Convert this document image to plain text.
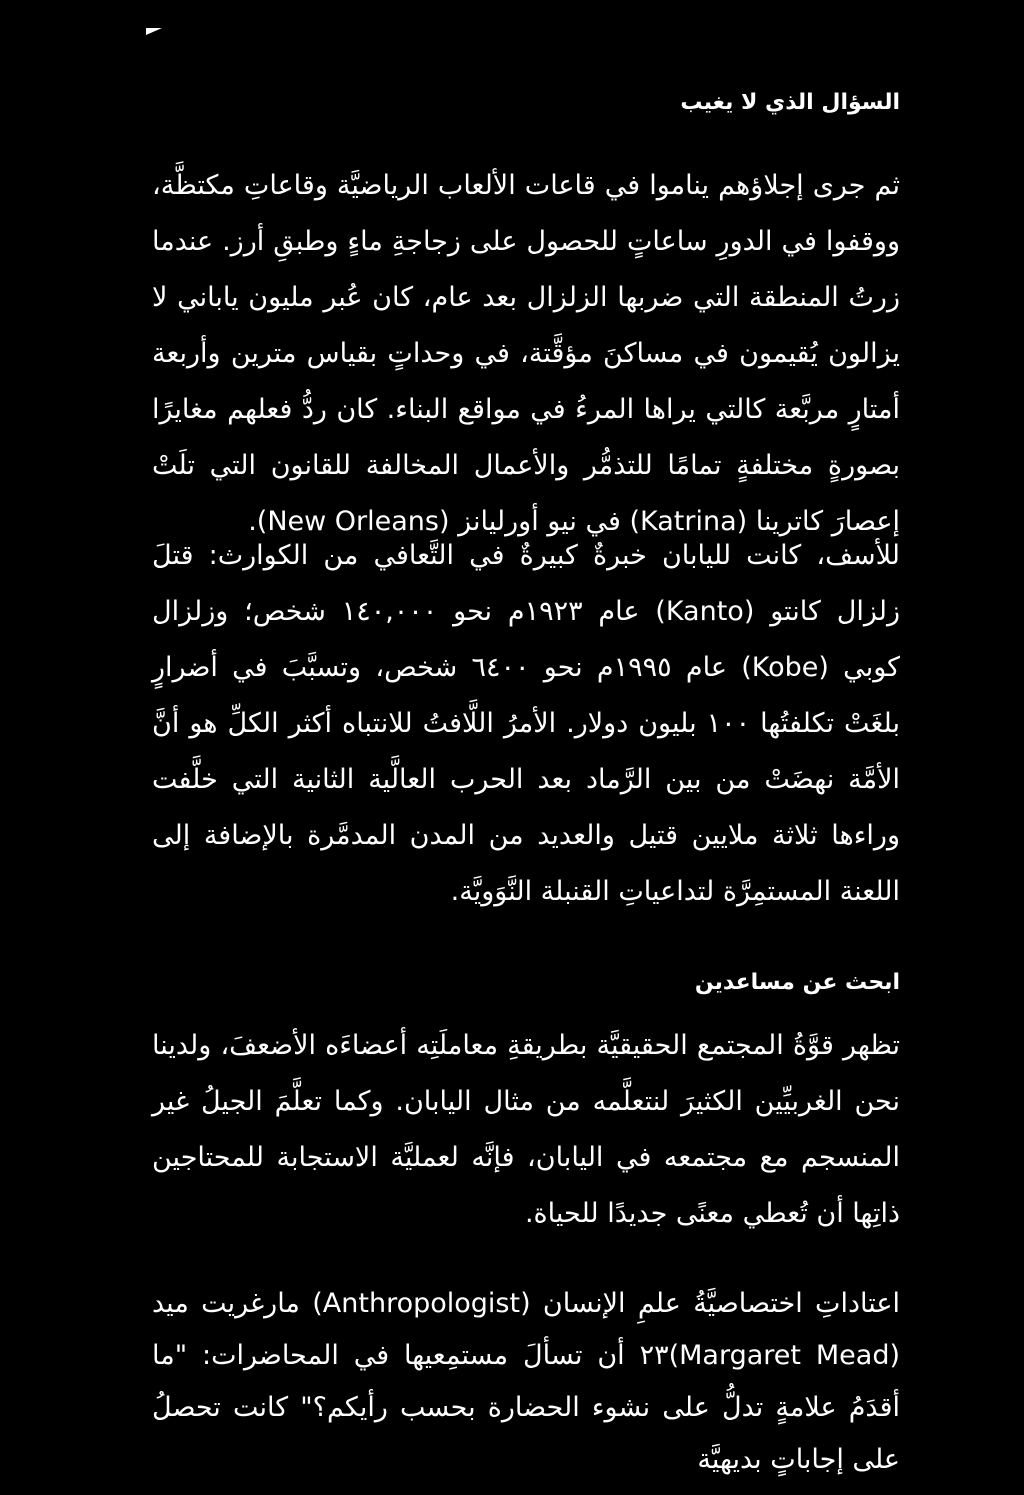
السؤال الذي لا يغيب

ثم جرى إجلاؤهم يناموا في قاعات الألعاب الرياضيَّة وقاعاتِ مكتظَّة، ووقفوا في الدورِ ساعاتٍ للحصول على زجاجةِ ماءٍ وطبقِ أرز. عندما زرتُ المنطقة التي ضربها الزلزال بعد عام، كان عُبر مليون ياباني لا يزالون يُقيمون في مساكنَ مؤقَّتة، في وحداتٍ بقياس مترين وأربعة أمتارٍ مربَّعة كالتي يراها المرءُ في مواقع البناء. كان ردُّ فعلهم مغايرًا بصورةٍ مختلفةٍ تمامًا للتذمُّر والأعمال المخالفة للقانون التي تلَتْ إعصارَ كاترينا (Katrina) في نيو أورليانز (New Orleans).

للأسف، كانت لليابان خبرةٌ كبيرةٌ في التَّعافي من الكوارث: قتلَ زلزال كانتو (Kanto) عام ١٩٢٣م نحو ١٤٠,٠٠٠ شخص؛ وزلزال كوبي (Kobe) عام ١٩٩٥م نحو ٦٤٠٠ شخص، وتسبَّبَ في أضرارٍ بلغَتْ تكلفتُها ١٠٠ بليون دولار. الأمرُ اللَّافتُ للانتباه أكثر الكلِّ هو أنَّ الأمَّة نهضَتْ من بين الرَّماد بعد الحرب العالَّية الثانية التي خلَّفت وراءها ثلاثة ملايين قتيل والعديد من المدن المدمَّرة بالإضافة إلى اللعنة المستمِرَّة لتداعياتِ القنبلة النَّوَويَّة.

ابحث عن مساعدين

تظهر قوَّةُ المجتمع الحقيقيَّة بطريقةِ معاملَتِه أعضاءَه الأضعفَ، ولدينا نحن الغربيِّين الكثيرَ لنتعلَّمه من مثال اليابان. وكما تعلَّمَ الجيلُ غير المنسجم مع مجتمعه في اليابان، فإنَّه لعمليَّة الاستجابة للمحتاجين ذاتِها أن تُعطي معنًى جديدًا للحياة.

اعتاداتِ اختصاصيَّةُ علمِ الإنسان (Anthropologist) مارغريت ميد (Margaret Mead)٢٣ أن تسألَ مستمِعيها في المحاضرات: "ما أقدَمُ علامةٍ تدلُّ على نشوء الحضارة بحسب رأيكم؟" كانت تحصلُ على إجاباتٍ بديهيَّة
